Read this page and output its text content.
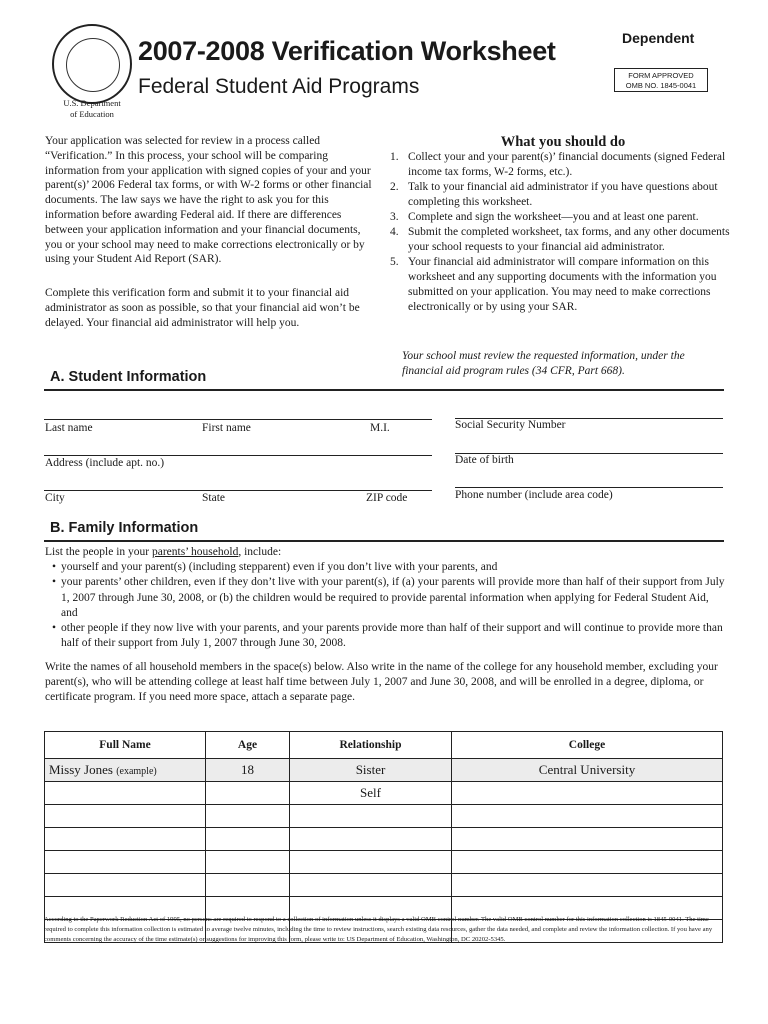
U.S. Department
of Education
2007-2008 Verification Worksheet
Federal Student Aid Programs
Dependent
FORM APPROVED
OMB NO. 1845-0041
Your application was selected for review in a process called “Verification.” In this process, your school will be comparing information from your application with signed copies of your and your parent(s)’ 2006 Federal tax forms, or with W-2 forms or other financial documents. The law says we have the right to ask you for this information before awarding Federal aid. If there are differences between your application information and your financial documents, you or your school may need to make corrections electronically or by using your Student Aid Report (SAR).
Complete this verification form and submit it to your financial aid administrator as soon as possible, so that your financial aid won’t be delayed. Your financial aid administrator will help you.
What you should do
1. Collect your and your parent(s)’ financial documents (signed Federal income tax forms, W-2 forms, etc.).
2. Talk to your financial aid administrator if you have questions about completing this worksheet.
3. Complete and sign the worksheet—you and at least one parent.
4. Submit the completed worksheet, tax forms, and any other documents your school requests to your financial aid administrator.
5. Your financial aid administrator will compare information on this worksheet and any supporting documents with the information you submitted on your application. You may need to make corrections electronically or by using your SAR.
Your school must review the requested information, under the financial aid program rules (34 CFR, Part 668).
A. Student Information
Last name	First name	M.I.	Social Security Number
Address (include apt. no.)	Date of birth
City	State	ZIP code	Phone number (include area code)
B. Family Information
List the people in your parents’ household, include:
• yourself and your parent(s) (including stepparent) even if you don’t live with your parents, and
• your parents’ other children, even if they don’t live with your parent(s), if (a) your parents will provide more than half of their support from July 1, 2007 through June 30, 2008, or (b) the children would be required to provide parental information when applying for Federal Student Aid, and
• other people if they now live with your parents, and your parents provide more than half of their support and will continue to provide more than half of their support from July 1, 2007 through June 30, 2008.
Write the names of all household members in the space(s) below. Also write in the name of the college for any household member, excluding your parent(s), who will be attending college at least half time between July 1, 2007 and June 30, 2008, and will be enrolled in a degree, diploma, or certificate program. If you need more space, attach a separate page.
Full Name	Age	Relationship	College
Missy Jones (example)	18	Sister	Central University
		Self	

According to the Paperwork Reduction Act of 1995, no persons are required to respond to a collection of information unless it displays a valid OMB control number. The valid OMB control number for this information collection is 1845-0041. The time required to complete this information collection is estimated to average twelve minutes, including the time to review instructions, search existing data resources, gather the data needed, and complete and review the information collection. If you have any comments concerning the accuracy of the time estimate(s) or suggestions for improving this form, please write to: US Department of Education, Washington, DC 20202-5345.
